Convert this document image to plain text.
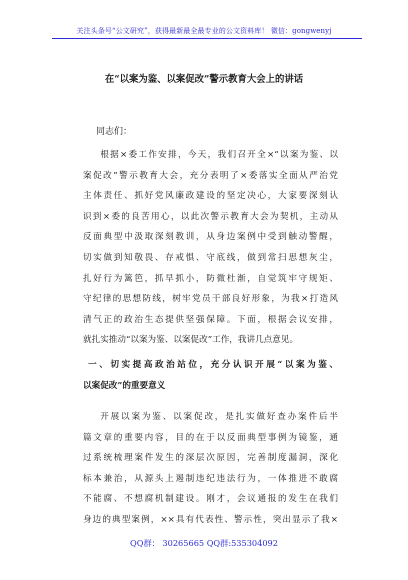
关注头条号“公文研究”，获得最新最全最专业的公文资料库！ 微信：gongwenyj
在“以案为鉴、以案促改”警示教育大会上的讲话
同志们：
根据×委工作安排，今天，我们召开全×“以案为鉴、以
案促改”警示教育大会，充分表明了×委落实全面从严治党
主体责任、抓好党风廉政建设的坚定决心，大家要深刻认
识到×委的良苦用心，以此次警示教育大会为契机，主动从
反面典型中汲取深刻教训，从身边案例中受到触动警醒，
切实做到知敬畏、存戒惧、守底线，做到常扫思想灰尘，
扎好行为篱笆，抓早抓小，防微杜渐，自觉筑牢守规矩、
守纪律的思想防线，树牢党员干部良好形象，为我×打造风
清气正的政治生态提供坚强保障。下面，根据会议安排，
就扎实推动“以案为鉴、以案促改”工作，我讲几点意见。
一、切实提高政治站位，充分认识开展“以案为鉴、
以案促改”的重要意义
开展以案为鉴、以案促改，是扎实做好查办案件后半
篇文章的重要内容，目的在于以反面典型事例为镜鉴，通
过系统梳理案件发生的深层次原因，完善制度漏洞，深化
标本兼治，从源头上遏制违纪违法行为，一体推进不敢腐
不能腐、不想腐机制建设。刚才，会议通报的发生在我们
身边的典型案例，××具有代表性、警示性，突出显示了我×
QQ群： 30265665 QQ群:535304092
